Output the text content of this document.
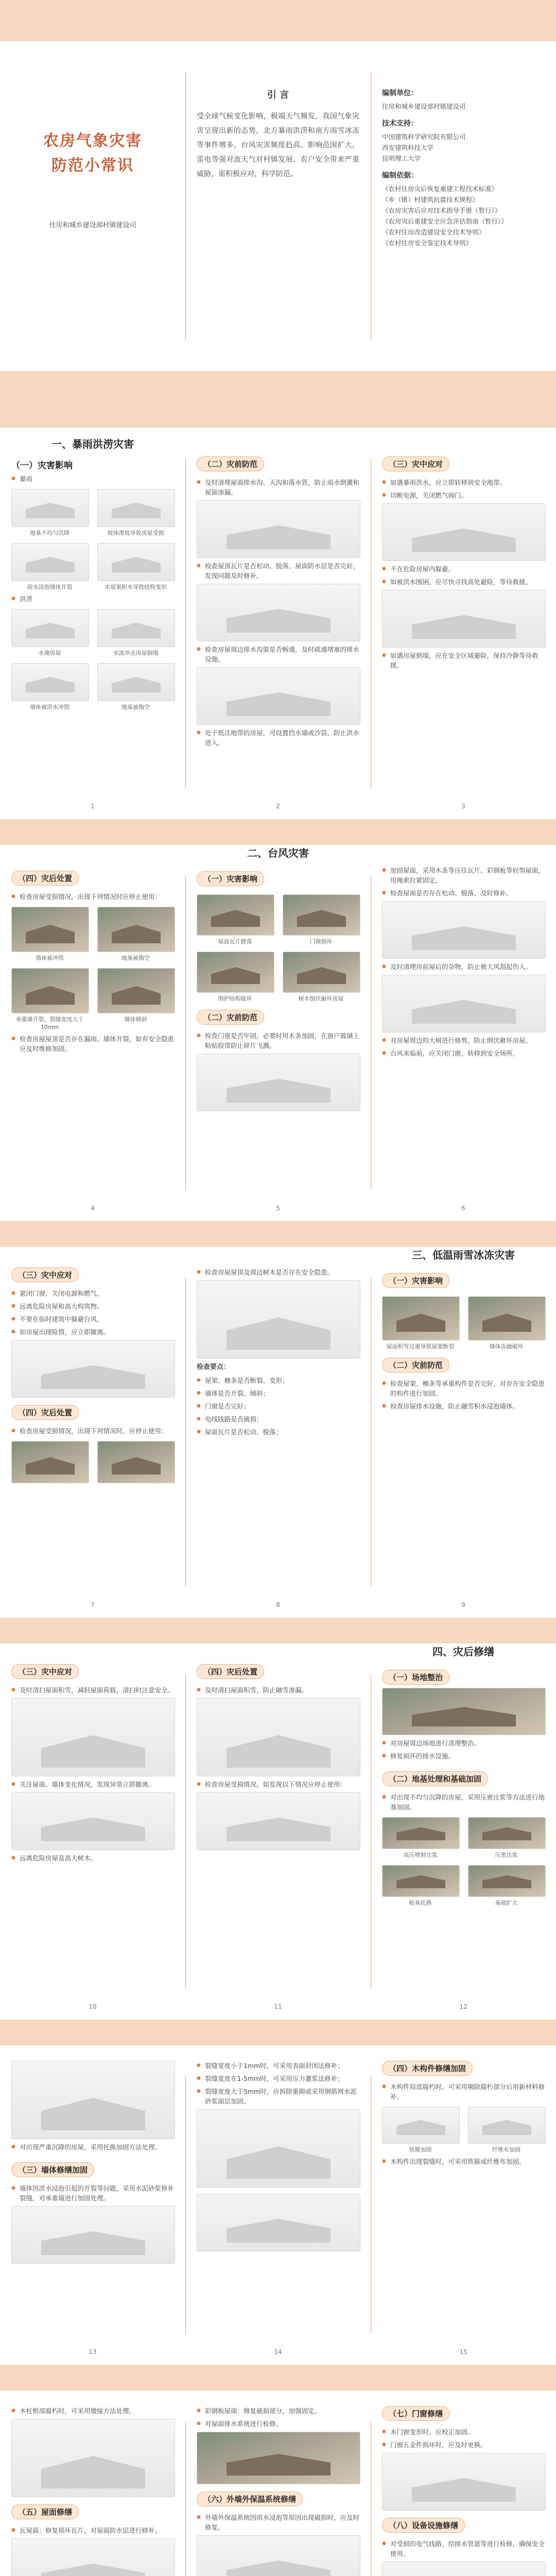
农房气象灾害
防范小常识
住房和城乡建设部村镇建设司
引 言
受全球气候变化影响，极端天气频发，我国气象灾害呈现出新的态势，北方暴雨洪涝和南方雨雪冰冻等事件增多，台风灾害频度趋高、影响范围扩大，雷电等强对流天气对村镇发展、农户安全带来严重威胁，需积极应对，科学防范。
编制单位：
住房和城乡建设部村镇建设司
技术支持：
中国建筑科学研究院有限公司
西安建筑科技大学
昆明理工大学
编制依据：
《农村住房灾后恢复重建工程技术标准》
《乡（镇）村建筑抗震技术规程》
《农房灾害后应对技术指导手册（暂行）》
《农房灾后重建安全应急评估指南（暂行）》
《农村住房改造建设安全技术导则》
《农村住房安全鉴定技术导则》
一、暴雨洪涝灾害
（一）灾害影响
● 暴雨
地基不均匀沉降	坡体滑坡导致房屋受损
雨水浸泡墙体开裂	木屋架积水导致结构变形
● 洪涝
水淹房屋	水流冲击房屋倒塌
墙体被洪水冲毁	地基被掏空
1
（二）灾前防范
● 及时清理屋面排水沟、天沟和落水管，防止雨水倒灌和屋面渗漏。
● 检查屋顶瓦片是否松动、脱落，屋面防水层是否完好，发现问题及时修补。
● 检查房屋周边排水沟渠是否畅通，及时疏通堵塞的排水设施。
● 处于低洼地带的房屋，可设置挡水墙或沙袋，防止洪水进入。
2
（三）灾中应对
● 如遇暴雨洪水，应立即转移到安全地带。
● 切断电源，关闭燃气阀门。
● 不在危险房屋内躲避。
● 如被洪水围困，应尽快寻找高处避险，等待救援。
● 如遇房屋倒塌，应在安全区域避险，保持冷静等待救援。
3
（四）灾后处置
● 检查房屋受损情况，出现下列情况时应停止使用：
墙体被冲毁	地基被掏空
承重墙开裂，裂缝宽度大于10mm
墙体倾斜
● 检查房屋屋顶是否存在漏雨、墙体开裂，如有安全隐患应及时维修加固。
4
二、台风灾害
（一）灾害影响
屋面瓦片掀落	门窗损坏
围护结构破坏	树木倒伏砸坏房屋
（二）灾前防范
● 检查门窗是否牢固，必要时用木条加固，在窗户玻璃上粘贴胶带防止碎片飞溅。
5
● 加固屋面，采用木条等压住瓦片、彩钢板等轻型屋面，用绳索拉紧固定。
● 检查屋面是否存在松动、脱落，及时修补。
● 及时清理房前屋后的杂物，防止被大风刮起伤人。
● 对房屋周边的大树进行修剪，防止倒伏砸坏房屋。
● 台风来临前，应关闭门窗，转移到安全场所。
6
（三）灾中应对
● 紧闭门窗，关闭电源和燃气。
● 远离危险房屋和高大构筑物。
● 不要在临时建筑中躲避台风。
● 如房屋出现险情，应立即撤离。
（四）灾后处置
● 检查房屋受损情况，出现下列情况时，应停止使用：
7
● 检查房屋屋顶及周边树木是否存在安全隐患。
检查要点：
● 屋架、檩条是否断裂、变形；
● 墙体是否开裂、倾斜；
● 门窗是否完好；
● 电线线路是否破损；
● 屋面瓦片是否松动、脱落；
8
三、低温雨雪冰冻灾害
（一）灾害影响
屋面积雪过重导致屋架断裂	墙体冻融破坏
（二）灾前防范
● 检查屋架、檩条等承重构件是否完好，对存在安全隐患的构件进行加固。
● 检查房屋排水设施，防止融雪积水浸泡墙体。
9
（三）灾中应对
● 及时清扫屋面积雪，减轻屋面荷载，清扫时注意安全。
● 关注屋面、墙体变化情况，发现异常立即撤离。
● 远离危险房屋及高大树木。
10
（四）灾后处置
● 及时清扫屋面积雪，防止融雪渗漏。
● 检查房屋受损情况，如发现以下情况应停止使用：
11
四、灾后修缮
（一）场地整治
● 对房屋周边场地进行清理整治。
● 修复损坏的排水设施。
（二）地基处理和基础加固
● 对出现不均匀沉降的房屋，采用压密注浆等方法进行地基加固。
高压喷射注浆	压密注浆
桩基托换	基础扩大
12
● 对出现严重沉降的房屋，采用托换加固方法处理。
（三）墙体修缮加固
● 墙体因洪水浸泡引起的开裂等问题，采用水泥砂浆修补裂缝，对承重墙进行加固处理。
13
● 裂缝宽度小于1mm时，可采用表面封闭法修补；
● 裂缝宽度在1-5mm时，可采用压力灌浆法修补；
● 裂缝宽度大于5mm时，应拆除重砌或采用钢筋网水泥砂浆面层加固。
14
（四）木构件修缮加固
● 木构件局部腐朽时，可采用剔除腐朽部分后用新材料修补。
铁箍加固	纤维布加固
● 木构件出现裂缝时，可采用铁箍或纤维布加固。
15
● 木柱根部腐朽时，可采用墩接方法处理。
（五）屋面修缮
● 瓦屋面：修复损坏瓦片，对屋面防水层进行修补。
● 彩钢板屋面：修复破损部分，加强固定。
● 对屋面排水系统进行检修。
（六）外墙外保温系统修缮
● 外墙外保温系统因雨水浸泡等原因出现破损时，应及时修复。
（七）门窗修缮
● 木门窗变形时，应校正加固。
● 门窗五金件损坏时，应及时更换。
（八）设备设施修缮
● 对受损的电气线路、给排水管道等进行检修，确保安全使用。
